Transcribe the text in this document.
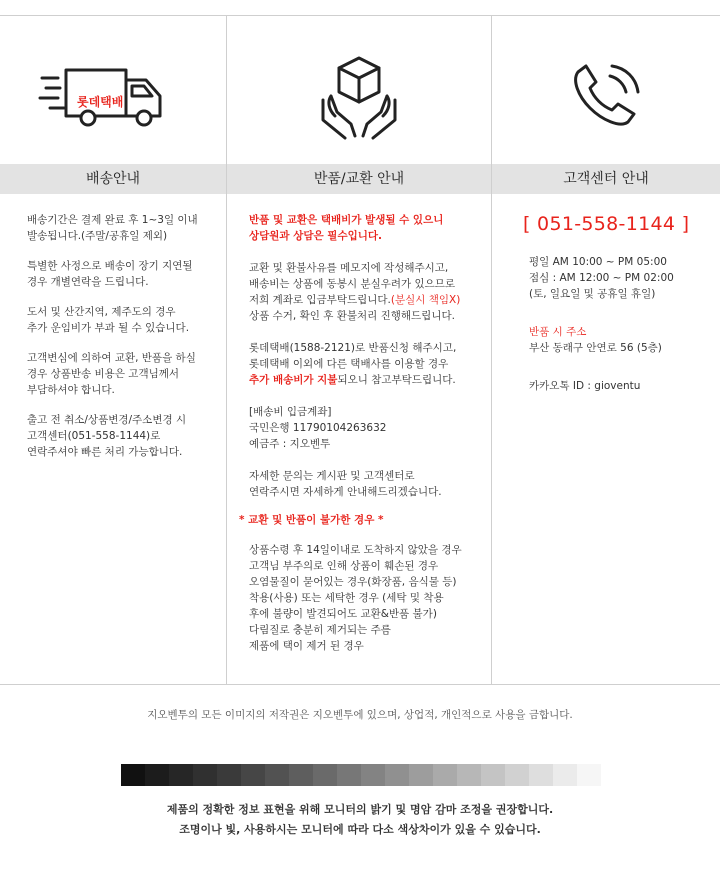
롯데택배
배송안내
배송기간은 결제 완료 후 1~3일 이내
발송됩니다.(주말/공휴일 제외)
특별한 사정으로 배송이 장기 지연될
경우 개별연락을 드립니다.
도서 및 산간지역, 제주도의 경우
추가 운임비가 부과 될 수 있습니다.
고객변심에 의하여 교환, 반품을 하실
경우 상품반송 비용은 고객님께서
부담하셔야 합니다.
출고 전 취소/상품변경/주소변경 시
고객센터(051-558-1144)로
연락주셔야 빠른 처리 가능합니다.
반품/교환 안내
반품 및 교환은 택배비가 발생될 수 있으니
상담원과 상담은 필수입니다.
교환 및 환불사유를 메모지에 작성해주시고,
배송비는 상품에 동봉시 분실우려가 있으므로
저희 계좌로 입금부탁드립니다.(분실시 책임X)
상품 수거, 확인 후 환불처리 진행해드립니다.
롯데택배(1588-2121)로 반품신청 해주시고,
롯데택배 이외에 다른 택배사를 이용할 경우
추가 배송비가 지불되오니 참고부탁드립니다.
[배송비 입금계좌]
국민은행 11790104263632
예금주 : 지오벤투
자세한 문의는 게시판 및 고객센터로
연락주시면 자세하게 안내해드리겠습니다.
* 교환 및 반품이 불가한 경우 *
상품수령 후 14일이내로 도착하지 않았을 경우
고객님 부주의로 인해 상품이 훼손된 경우
오염물질이 묻어있는 경우(화장품, 음식물 등)
착용(사용) 또는 세탁한 경우 (세탁 및 착용
후에 불량이 발견되어도 교환&반품 불가)
다림질로 충분히 제거되는 주름
제품에 택이 제거 된 경우
고객센터 안내
[ 051-558-1144 ]
평일 AM 10:00 ~ PM 05:00
점심 : AM 12:00 ~ PM 02:00
(토, 일요일 및 공휴일 휴일)
반품 시 주소
부산 동래구 안연로 56 (5층)
카카오톡 ID : gioventu
지오벤투의 모든 이미지의 저작권은 지오벤투에 있으며, 상업적, 개인적으로 사용을 금합니다.
제품의 정확한 정보 표현을 위해 모니터의 밝기 및 명암 감마 조정을 권장합니다.
조명이나 빛, 사용하시는 모니터에 따라 다소 색상차이가 있을 수 있습니다.
